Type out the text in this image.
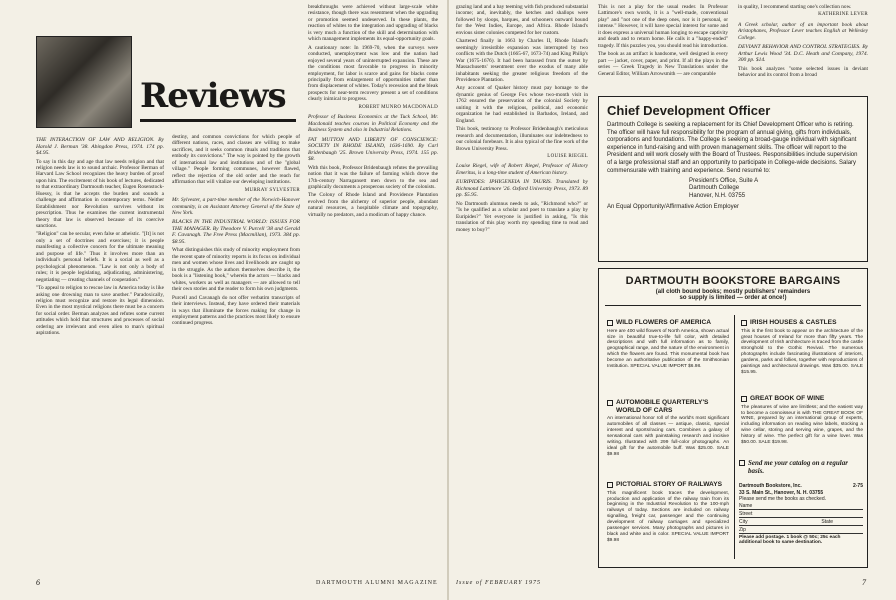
Reviews

THE INTERACTION OF LAW AND RELIGION. By Harold J. Berman '38. Abingdon Press, 1974. 174 pp. $4.95.

To say in this day and age that law needs religion and that religion needs law is to sound archaic. Professor Berman of Harvard Law School recognizes the heavy burden of proof upon him. The excitement of his book of lectures, dedicated to that extraordinary Dartmouth teacher, Eugen Rosenstock-Huessy, is that he accepts the burden and sounds a challenge and affirmation in contemporary terms. Neither Establishment nor Revolution survives without its prescription. Thus he examines the current instrumental theory that law is observed because of its coercive sanctions.

"Religion" can be secular, even false or atheistic. "[It] is not only a set of doctrines and exercises; it is people manifesting a collective concern for the ultimate meaning and purpose of life." Thus it involves more than an individual's personal beliefs. It is a social as well as a psychological phenomenon. "Law is not only a body of rules; it is people legislating, adjudicating, administering, negotiating — creating channels of cooperation."

"To appeal to religion to rescue law in America today is like asking one drowning man to save another." Paradoxically, religion must recognize and restore its legal dimension. Even in the most mystical religions there must be a concern for social order. Berman analyzes and refutes some current attitudes which hold that structures and processes of social ordering are irrelevant and even alien to man's spiritual aspirations.

destiny, and common convictions for which people of different nations, races, and classes are willing to make sacrifices, and it seeks common rituals and traditions that embody its convictions." The way is pointed by the growth of international law and institutions and of the "global village." People forming communes, however flawed, reflect the rejection of the old order and the reach for affirmation that will vitalize our developing institutions.

MURRAY SYLVESTER

Mr. Sylvester, a part-time member of the Norwich-Hanover community, is an Assistant Attorney General of the State of New York.

BLACKS IN THE INDUSTRIAL WORLD: ISSUES FOR THE MANAGER. By Theodore V. Purcell '38 and Gerald F. Cavanagh. The Free Press (Macmillan), 1973. 384 pp. $8.95.

What distinguishes this study of minority employment from the recent spate of minority reports is its focus on individual men and women whose lives and livelihoods are caught up in the struggle. As the authors themselves describe it, the book is a "listening book," wherein the actors — blacks and whites, workers as well as managers — are allowed to tell their own stories and the reader to form his own judgments.

Purcell and Cavanagh do not offer verbatim transcripts of their interviews. Instead, they have ordered their materials in ways that illuminate the forces making for change in employment patterns and the practices most likely to ensure continued progress.

breakthroughs were achieved without large-scale white resistance, though there was resentment when the upgrading or promotion seemed undeserved. In these plants, the reaction of whites to the integration and upgrading of blacks is very much a function of the skill and determination with which management implements its equal-opportunity goals.

A cautionary note: In 1969-70, when the surveys were conducted, unemployment was low and the nation had enjoyed several years of uninterrupted expansion. These are the conditions most favorable to progress in minority employment, for labor is scarce and gains for blacks come principally from enlargement of opportunities rather than from displacement of whites. Today's recession and the bleak prospects for near-term recovery present a set of conditions clearly inimical to progress.

ROBERT MUNRO MACDONALD

Professor of Business Economics at the Tuck School, Mr. Macdonald teaches courses in Political Economy and the Business System and also in Industrial Relations.

FAT MUTTON AND LIBERTY OF CONSCIENCE: SOCIETY IN RHODE ISLAND, 1636-1690. By Carl Bridenbaugh '25. Brown University Press, 1974. 155 pp. $8.

With this book, Professor Bridenbaugh refutes the prevailing notion that it was the failure of farming which drove the 17th-century Narragansett men down to the sea and graphically documents a prosperous society of the colonists.

The Colony of Rhode Island and Providence Plantation evolved from the alchemy of superior people, abundant natural resources, a hospitable climate and topography, virtually no predators, and a modicum of happy chance.

6	DARTMOUTH ALUMNI MAGAZINE

grazing land and a bay teeming with fish produced substantial income; and, inevitably, the ketches and shallops were followed by sloops, barques, and schooners outward bound for the West Indies, Europe, and Africa. Rhode Island's envious sister colonies competed for her custom.

Chartered finally in 1663 by Charles II, Rhode Island's seemingly irresistible expansion was interrupted by two conflicts with the Dutch (1665-67, 1673-74) and King Philip's War (1675-1676). It had been harassed from the outset by Massachusetts' resentment over the exodus of many able inhabitants seeking the greater religious freedom of the Providence Plantation.

Any account of Quaker history must pay homage to the dynamic genius of George Fox whose two-month visit in 1762 ensured the preservation of the colonial Society by uniting it with the religious, political, and economic organization he had established in Barbados, Ireland, and England.

This book, testimony to Professor Bridenbaugh's meticulous research and documentation, illuminates our indebtedness to our colonial forebears. It is also typical of the fine work of the Brown University Press.

LOUISE RIEGEL

Louise Riegel, wife of Robert Riegel, Professor of History Emeritus, is a long-time student of American history.

EURIPIDES: IPHIGENEIA IN TAURIS. Translated by Richmond Lattimore '26. Oxford University Press, 1973. 89 pp. $5.95.

No Dartmouth alumnus needs to ask, "Richmond who?" or "Is he qualified as a scholar and poet to translate a play by Euripides?" Yet everyone is justified in asking, "Is this translation of this play worth my spending time to read and money to buy?"

This is not a play for the usual reader. In Professor Lattimore's own words, it is a "well-made, conventional play" and "not one of the deep ones, nor is it personal, or intense." However, it will have special interest for some and it does express a universal human longing to escape captivity and death and to return home. He calls it a "happy-ended" tragedy. If this puzzles you, you should read his introduction.

The book as an artifact is handsome, well designed in every part — jacket, cover, paper, and print. If all the plays in the series — Greek Tragedy in New Translations under the General Editor, William Arrowsmith — are comparable

in quality, I recommend starting one's collection now.

KATHERINE LEVER

A Greek scholar, author of an important book about Aristophanes, Professor Lever teaches English at Wellesley College.

DEVIANT BEHAVIOR AND CONTROL STRATEGIES. By Arthur Lewis Wood '34. D.C. Heath and Company, 1974. 300 pp. $14.

This book analyzes "some selected issues in deviant behavior and its control from a broad

Chief Development Officer
Dartmouth College is seeking a replacement for its Chief Development Officer who is retiring. The officer will have full responsibility for the program of annual giving, gifts from individuals, corporations and foundations. The College is seeking a broad-gauge individual with significant experience in fund-raising and with proven management skills. The officer will report to the President and will work closely with the Board of Trustees. Responsibilities include supervision of a large professional staff and an opportunity to participate in College-wide decisions. Salary commensurate with training and experience. Send resumé to:
President's Office, Suite A
Dartmouth College
Hanover, N.H. 03755
An Equal Opportunity/Affirmative Action Employer
DARTMOUTH BOOKSTORE BARGAINS
(all cloth bound books; mostly publishers' remainders
so supply is limited — order at once!)
WILD FLOWERS OF AMERICA
Here are 400 wild flowers of North America, shown actual size in beautiful true-to-life full color, with detailed descriptions and with full information as to family, geographical range, and the nature of the environment in which the flowers are found. This monumental book has become an authoritative publication of the Smithsonian Institution. SPECIAL VALUE IMPORT $6.98.
AUTOMOBILE QUARTERLY'S WORLD OF CARS
An international honor roll of the world's most significant automobiles of all classes — antique, classic, special interest and sports/racing cars. Combines a galaxy of sensational cars with painstaking research and incisive writing. Illustrated with 299 full-color photographs. An ideal gift for the automobile buff. Was $25.00. SALE $9.98
PICTORIAL STORY OF RAILWAYS
This magnificent book traces the development, production and application of the railway train from its beginning in the Industrial Revolution to the 100-mph railways of today. Sections are included on railway signalling, freight car, passenger and the continuing development of railway carriages and specialized passenger services. Many photographs and pictures in black and white and in color. SPECIAL VALUE IMPORT $9.98
IRISH HOUSES & CASTLES
This is the first book to appear on the architecture of the great houses of Ireland for more than fifty years. The development of Irish architecture is traced from the castle stronghold to the Gothic Revival. The numerous photographs include fascinating illustrations of interiors, gardens, parks and follies, together with reproductions of paintings and architectural drawings. Was $35.00. SALE $15.95.
GREAT BOOK OF WINE
The pleasures of wine are limitless; and the easiest way to become a connoisseur is with THE GREAT BOOK OF WINE, prepared by an international group of experts, including information on reading wine labels, stocking a wine cellar, storing and serving wine, grapes, and the history of wine. The perfect gift for a wine lover. Was $50.00. SALE $19.98.
Send me your catalog on a regular basis.
Dartmouth Bookstore, Inc.	2-75
33 S. Main St., Hanover, N. H. 03755
Please send me the books as checked.
Name
Street
City	State
Zip
Please add postage. 1 book @ 50c; 25c each additional book to same destination.
Issue of FEBRUARY 1975	7
